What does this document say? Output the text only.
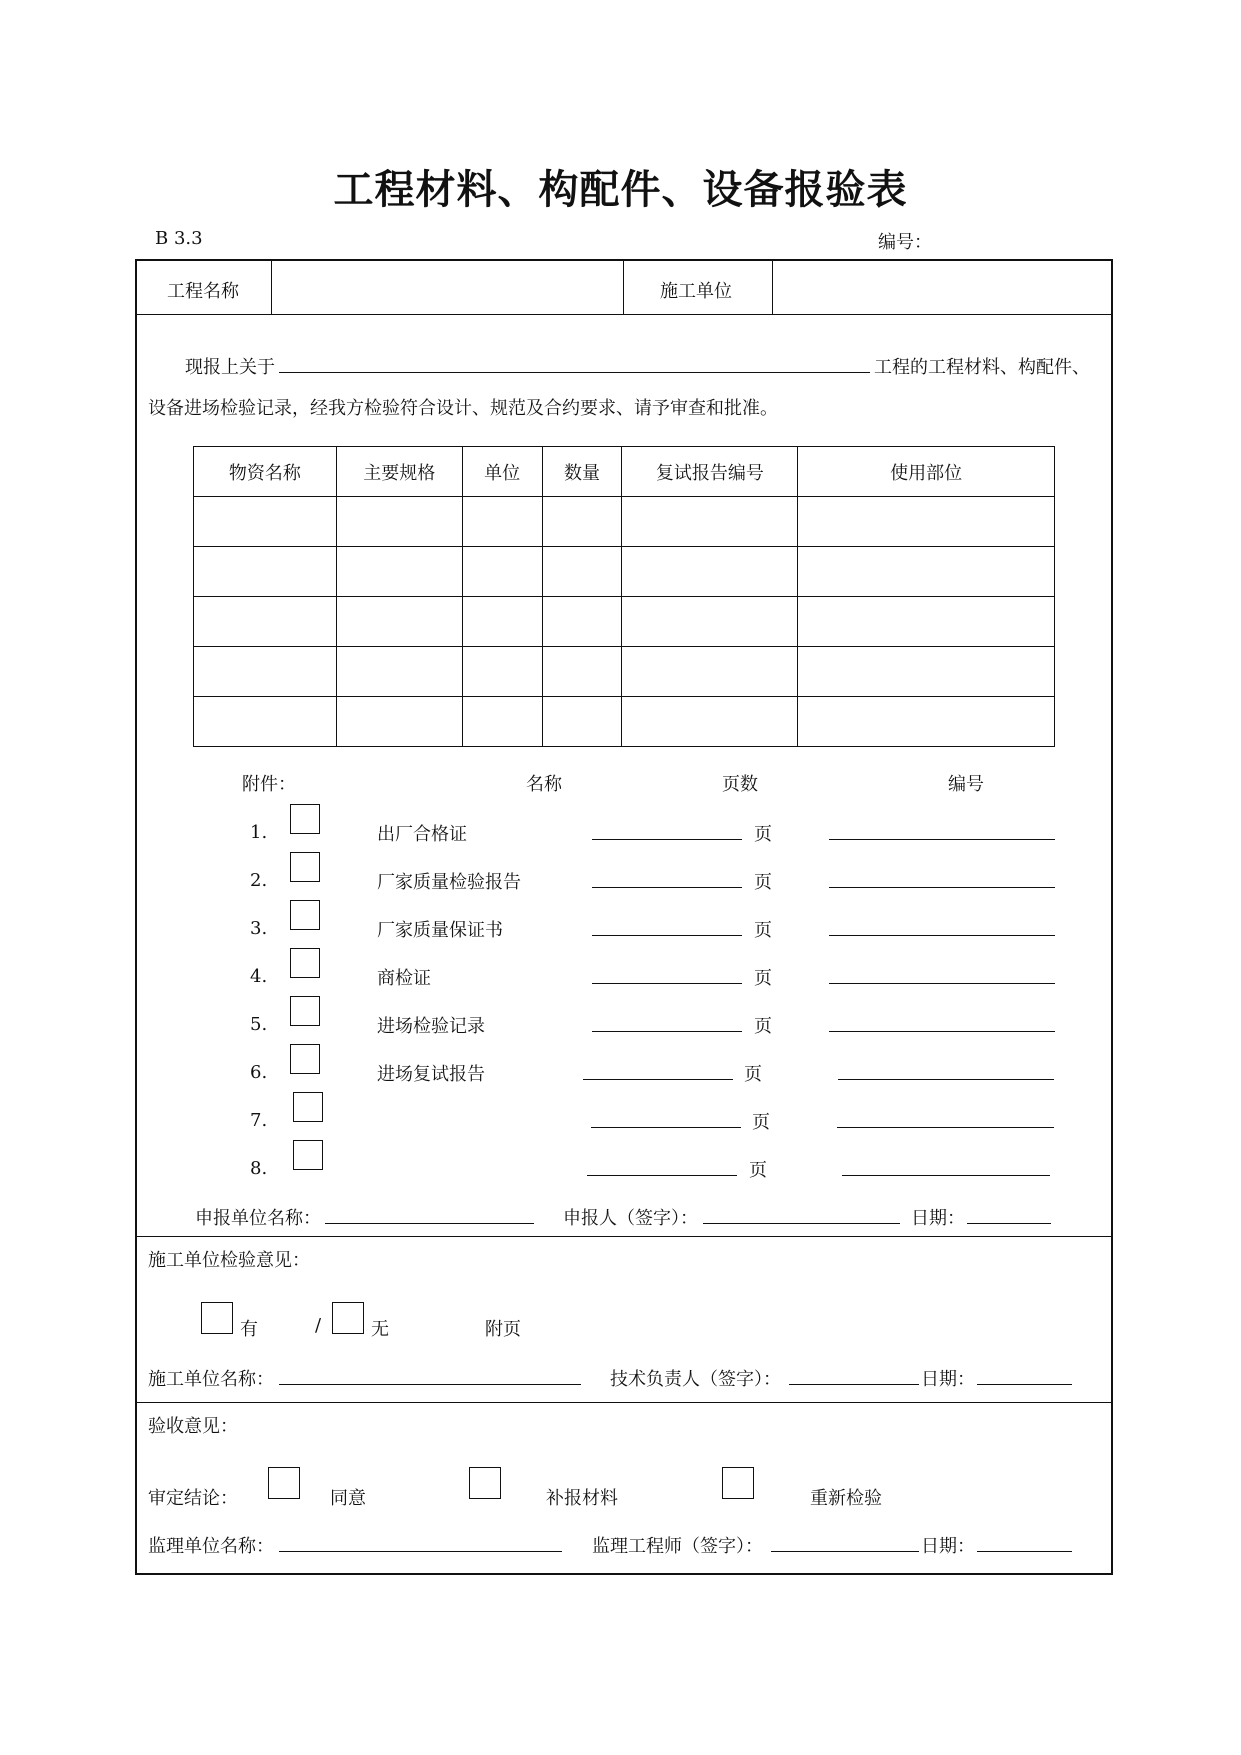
工程材料、构配件、设备报验表
B 3.3	编号：
工程名称	施工单位
现报上关于	工程的工程材料、构配件、
设备进场检验记录，经我方检验符合设计、规范及合约要求、请予审查和批准。
物资名称	主要规格	单位	数量	复试报告编号	使用部位

附件：	名称	页数	编号
1.	出厂合格证	页
2.	厂家质量检验报告	页
3.	厂家质量保证书	页
4.	商检证	页
5.	进场检验记录	页
6.	进场复试报告	页
7.	页
8.	页
申报单位名称：	申报人（签字）：	日期：
施工单位检验意见：
有	/	无	附页
施工单位名称：	技术负责人（签字）：	日期：
验收意见：
审定结论：	同意	补报材料	重新检验
监理单位名称：	监理工程师（签字）：	日期：
